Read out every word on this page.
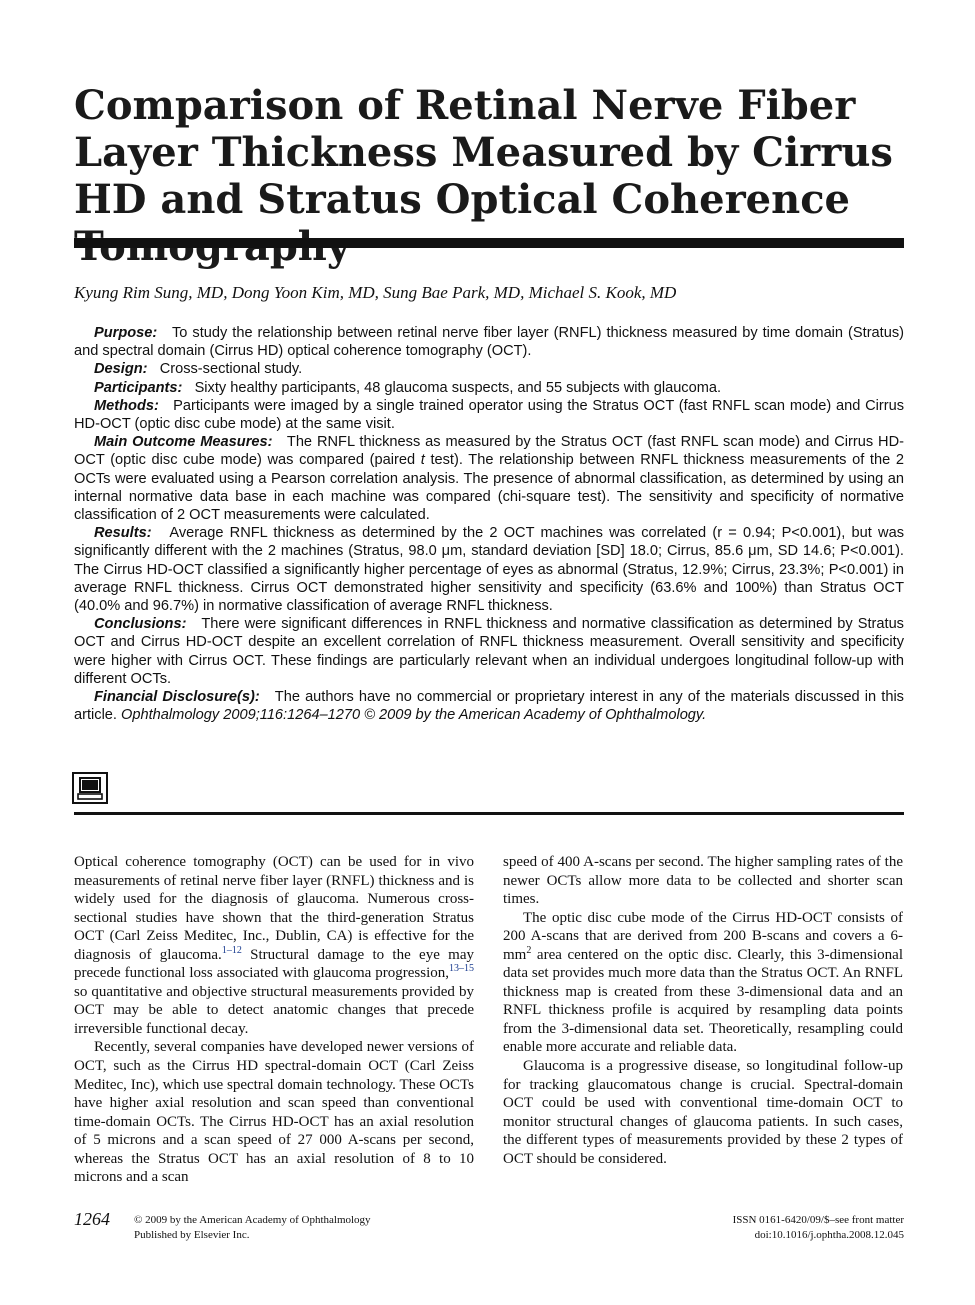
Comparison of Retinal Nerve Fiber Layer Thickness Measured by Cirrus HD and Stratus Optical Coherence
Kyung Rim Sung, MD, Dong Yoon Kim, MD, Sung Bae Park, MD, Michael S. Kook, MD

Purpose: To study the relationship between retinal nerve fiber layer (RNFL) thickness measured by time domain (Stratus) and spectral domain (Cirrus HD) optical coherence tomography (OCT).

Design: Cross-sectional study.

Participants: Sixty healthy participants, 48 glaucoma suspects, and 55 subjects with glaucoma.

Methods: Participants were imaged by a single trained operator using the Stratus OCT (fast RNFL scan mode) and Cirrus HD-OCT (optic disc cube mode) at the same visit.

Main Outcome Measures: The RNFL thickness as measured by the Stratus OCT (fast RNFL scan mode) and Cirrus HD-OCT (optic disc cube mode) was compared (paired t test). The relationship between RNFL thickness measurements of the 2 OCTs were evaluated using a Pearson correlation analysis. The presence of abnormal classification, as determined by using an internal normative data base in each machine was compared (chi-square test). The sensitivity and specificity of normative classification of 2 OCT measurements were calculated.

Results: Average RNFL thickness as determined by the 2 OCT machines was correlated (r = 0.94; P<0.001), but was significantly different with the 2 machines (Stratus, 98.0 μm, standard deviation [SD] 18.0; Cirrus, 85.6 μm, SD 14.6; P<0.001). The Cirrus HD-OCT classified a significantly higher percentage of eyes as abnormal (Stratus, 12.9%; Cirrus, 23.3%; P<0.001) in average RNFL thickness. Cirrus OCT demonstrated higher sensitivity and specificity (63.6% and 100%) than Stratus OCT (40.0% and 96.7%) in normative classification of average RNFL thickness.

Conclusions: There were significant differences in RNFL thickness and normative classification as determined by Stratus OCT and Cirrus HD-OCT despite an excellent correlation of RNFL thickness measurement. Overall sensitivity and specificity were higher with Cirrus OCT. These findings are particularly relevant when an individual undergoes longitudinal follow-up with different OCTs.

Financial Disclosure(s): The authors have no commercial or proprietary interest in any of the materials discussed in this article. Ophthalmology 2009;116:1264–1270 © 2009 by the American Academy of Ophthalmology.

Optical coherence tomography (OCT) can be used for in vivo measurements of retinal nerve fiber layer (RNFL) thickness and is widely used for the diagnosis of glaucoma. Numerous cross-sectional studies have shown that the third-generation Stratus OCT (Carl Zeiss Meditec, Inc., Dublin, CA) is effective for the diagnosis of glaucoma.$^{1-12}$ Structural damage to the eye may precede functional loss associated with glaucoma progression,$^{13-15}$ so quantitative and objective structural measurements provided by OCT may be able to detect anatomic changes that precede irreversible functional decay.

Recently, several companies have developed newer versions of OCT, such as the Cirrus HD spectral-domain OCT (Carl Zeiss Meditec, Inc), which use spectral domain technology. These OCTs have higher axial resolution and scan speed than conventional time-domain OCTs. The Cirrus HD-OCT has an axial resolution of 5 microns and a scan speed of 27 000 A-scans per second, whereas the Stratus OCT has an axial resolution of 8 to 10 microns and a scan

speed of 400 A-scans per second. The higher sampling rates of the newer OCTs allow more data to be collected and shorter scan times.

The optic disc cube mode of the Cirrus HD-OCT consists of 200 A-scans that are derived from 200 B-scans and covers a $6-mm^2$ area centered on the optic disc. Clearly, this 3-dimensional data set provides much more data than the Stratus OCT. An RNFL thickness map is created from these 3-dimensional data and an RNFL thickness profile is acquired by resampling data points from the 3-dimensional data set. Theoretically, resampling could enable more accurate and reliable data.

Glaucoma is a progressive disease, so longitudinal follow-up for tracking glaucomatous change is crucial. Spectral-domain OCT could be used with conventional time-domain OCT to monitor structural changes of glaucoma patients. In such cases, the different types of measurements provided by these 2 types of OCT should be considered.

1264 © 2009 by the American Academy of Ophthalmology
Published by Elsevier Inc.
ISSN 0161-6420/09/$–see front matter
doi:10.1016/j.ophtha.2008.12.045
